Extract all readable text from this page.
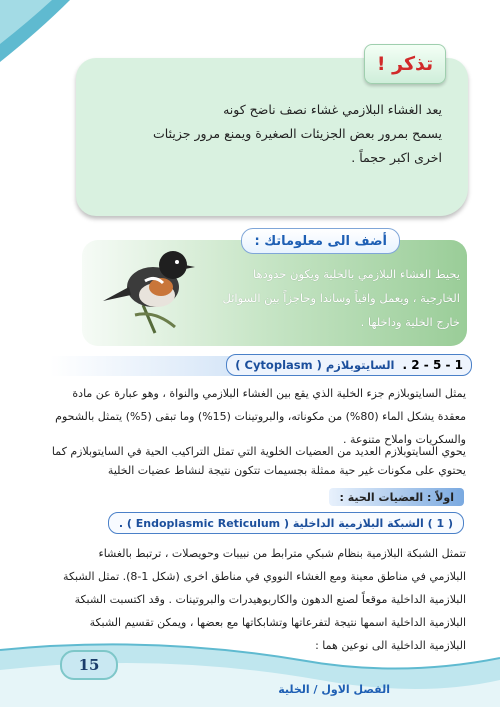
تذكر !
يعد الغشاء البلازمي غشاء نصف ناضح كونه
يسمح بمرور بعض الجزيئات الصغيرة ويمنع مرور جزيئات
اخرى اكبر حجماً .
أضف الى معلوماتك :
يحيط الغشاء البلازمي بالخلية ويكون حدودها
الخارجية ، ويعمل واقياً وساندا وحاجزاً بين السوائل
خارج الخلية وداخلها .
1 - 5 - 2 .
السايتوبلازم ( Cytoplasm )
يمثل السايتوبلازم جزء الخلية الذي يقع بين الغشاء البلازمي والنواة ، وهو عبارة عن مادة
معقدة يشكل الماء (80%) من مكوناته، والبروتينات (15%) وما تبقى (5%) يتمثل بالشحوم
والسكريات واملاح متنوعة .
يحوي السايتوبلازم العديد من العضيات الخلوية التي تمثل التراكيب الحية في السايتوبلازم كما
يحتوي على مكونات غير حية ممثلة بجسيمات تتكون نتيجة لنشاط عضيات الخلية
اولاً : العضيات الحية :
( 1 ) الشبكة البلازمية الداخلية ( Endoplasmic Reticulum ) .
تتمثل الشبكة البلازمية بنظام شبكي مترابط من نبيبات وحويصلات ، ترتبط بالغشاء
البلازمي في مناطق معينة ومع الغشاء النووي في مناطق اخرى (شكل 1-8). تمثل الشبكة
البلازمية الداخلية موقعاً لصنع الدهون والكاربوهيدرات والبروتينات . وقد اكتسبت الشبكة
البلازمية الداخلية اسمها نتيجة لتفرعاتها وتشابكاتها مع بعضها ، ويمكن تقسيم الشبكة
البلازمية الداخلية الى نوعين هما :
15
الفصل الاول / الخلية
